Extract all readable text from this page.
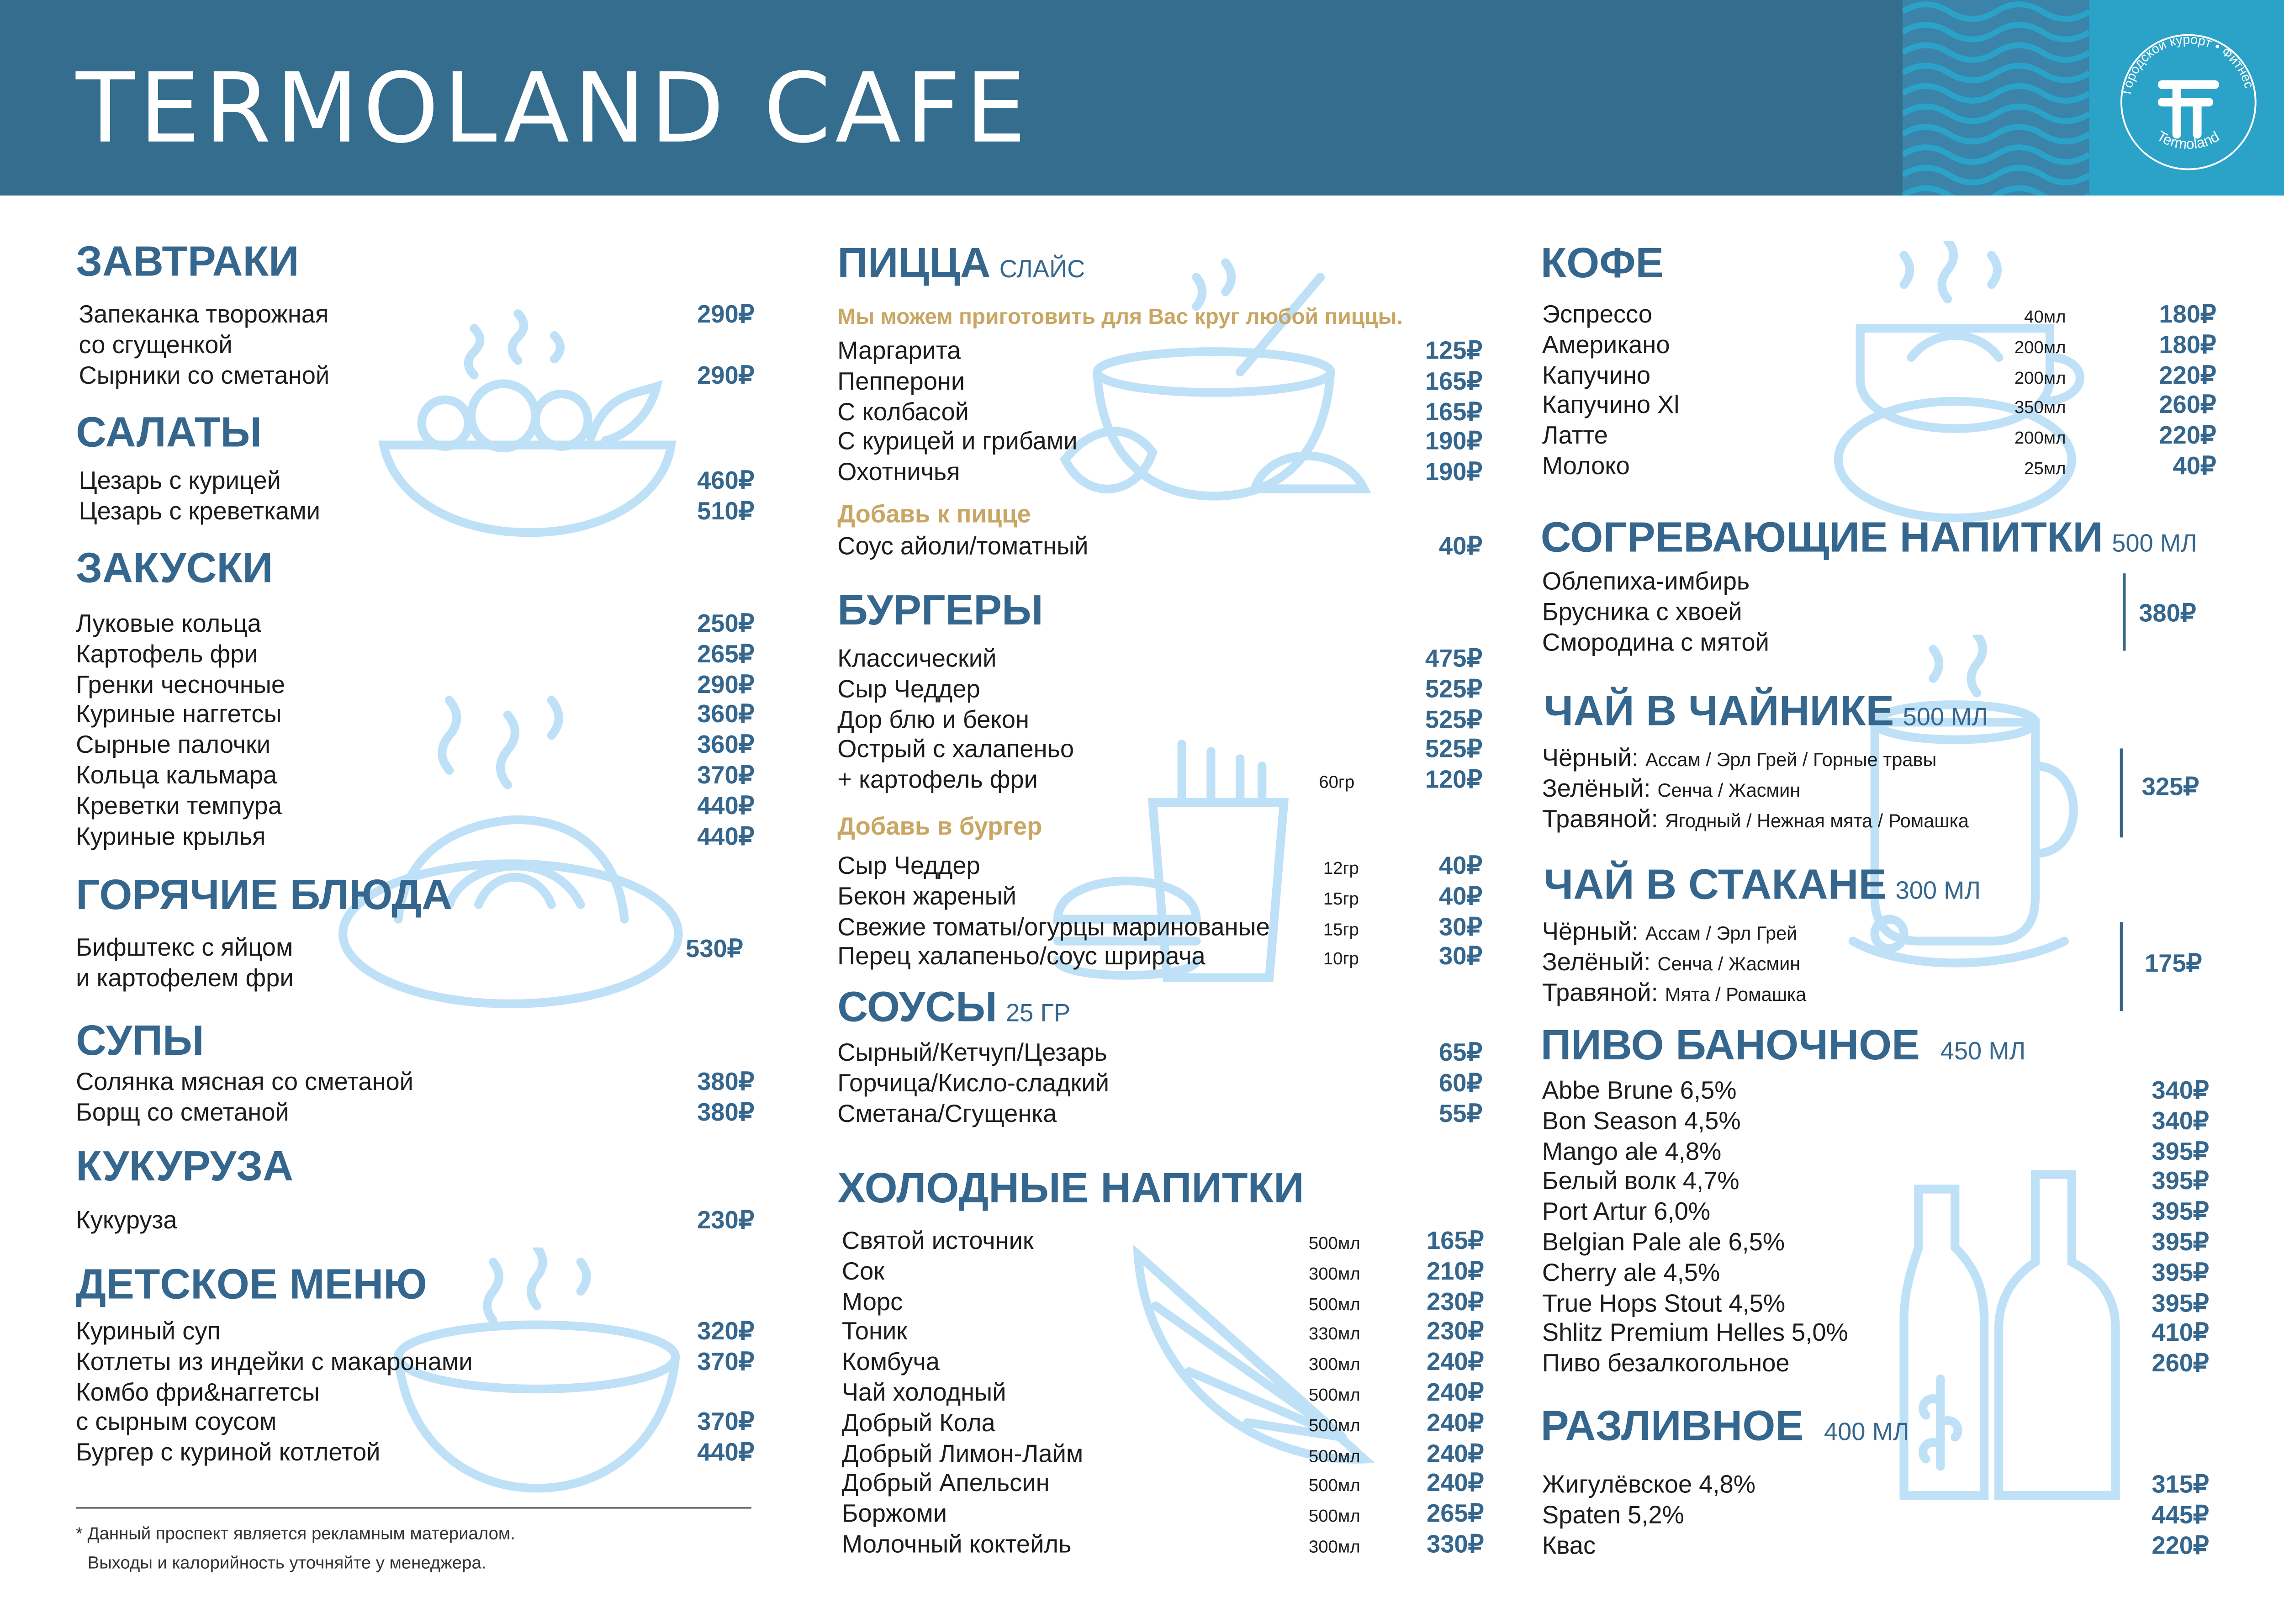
TERMOLAND CAFE	Городской курорт • Фитнес
Termoland
ЗАВТРАКИ
Запеканка творожная	290₽
со сгущенкой
Сырники со сметаной	290₽
САЛАТЫ
Цезарь с курицей	460₽
Цезарь с креветками	510₽
ЗАКУСКИ
Луковые кольца	250₽
Картофель фри	265₽
Гренки чесночные	290₽
Куриные наггетсы	360₽
Сырные палочки	360₽
Кольца кальмара	370₽
Креветки темпура	440₽
Куриные крылья	440₽
ГОРЯЧИЕ БЛЮДА
Бифштекс с яйцом
и картофелем фри
530₽
СУПЫ
Солянка мясная со сметаной	380₽
Борщ со сметаной	380₽
КУКУРУЗА
Кукуруза	230₽
ДЕТСКОЕ МЕНЮ
Куриный суп	320₽
Котлеты из индейки с макаронами	370₽
Комбо фри&наггетсы
с сырным соусом	370₽
Бургер с куриной котлетой	440₽
* Данный проспект является рекламным материалом.
Выходы и калорийность уточняйте у менеджера.
ПИЦЦА СЛАЙС
Мы можем приготовить для Вас круг любой пиццы.
Маргарита	125₽
Пепперони	165₽
С колбасой	165₽
С курицей и грибами	190₽
Охотничья	190₽
Добавь к пицце
Соус айоли/томатный	40₽
БУРГЕРЫ
Классический	475₽
Сыр Чеддер	525₽
Дор блю и бекон	525₽
Острый с халапеньо	525₽
+ картофель фри	60гр	120₽
Добавь в бургер
Сыр Чеддер	12гр	40₽
Бекон жареный	15гр	40₽
Свежие томаты/огурцы маринованые	15гр	30₽
Перец халапеньо/соус шрирача	10гр	30₽
СОУСЫ 25 ГР
Сырный/Кетчуп/Цезарь	65₽
Горчица/Кисло-сладкий	60₽
Сметана/Сгущенка	55₽
ХОЛОДНЫЕ НАПИТКИ
Святой источник	500мл	165₽
Сок	300мл	210₽
Морс	500мл	230₽
Тоник	330мл	230₽
Комбуча	300мл	240₽
Чай холодный	500мл	240₽
Добрый Кола	500мл	240₽
Добрый Лимон-Лайм	500мл	240₽
Добрый Апельсин	500мл	240₽
Боржоми	500мл	265₽
Молочный коктейль	300мл	330₽
КОФЕ
Эспрессо	40мл	180₽
Американо	200мл	180₽
Капучино	200мл	220₽
Капучино Xl	350мл	260₽
Латте	200мл	220₽
Молоко	25мл	40₽
СОГРЕВАЮЩИЕ НАПИТКИ 500 МЛ
Облепиха-имбирь
Брусника с хвоей
Смородина с мятой
380₽
ЧАЙ В ЧАЙНИКЕ 500 МЛ
Чёрный: Ассам / Эрл Грей / Горные травы
Зелёный: Сенча / Жасмин
Травяной: Ягодный / Нежная мята / Ромашка
325₽
ЧАЙ В СТАКАНЕ 300 МЛ
Чёрный: Ассам / Эрл Грей
Зелёный: Сенча / Жасмин
Травяной: Мята / Ромашка
175₽
ПИВО БАНОЧНОЕ	450 МЛ
Abbe Brune 6,5%	340₽
Bon Season 4,5%	340₽
Mango ale 4,8%	395₽
Белый волк 4,7%	395₽
Port Artur 6,0%	395₽
Belgian Pale ale 6,5%	395₽
Cherry ale 4,5%	395₽
True Hops Stout 4,5%	395₽
Shlitz Premium Helles 5,0%	410₽
Пиво безалкогольное	260₽
РАЗЛИВНОЕ	400 МЛ
Жигулёвское 4,8%	315₽
Spaten 5,2%	445₽
Квас	220₽
